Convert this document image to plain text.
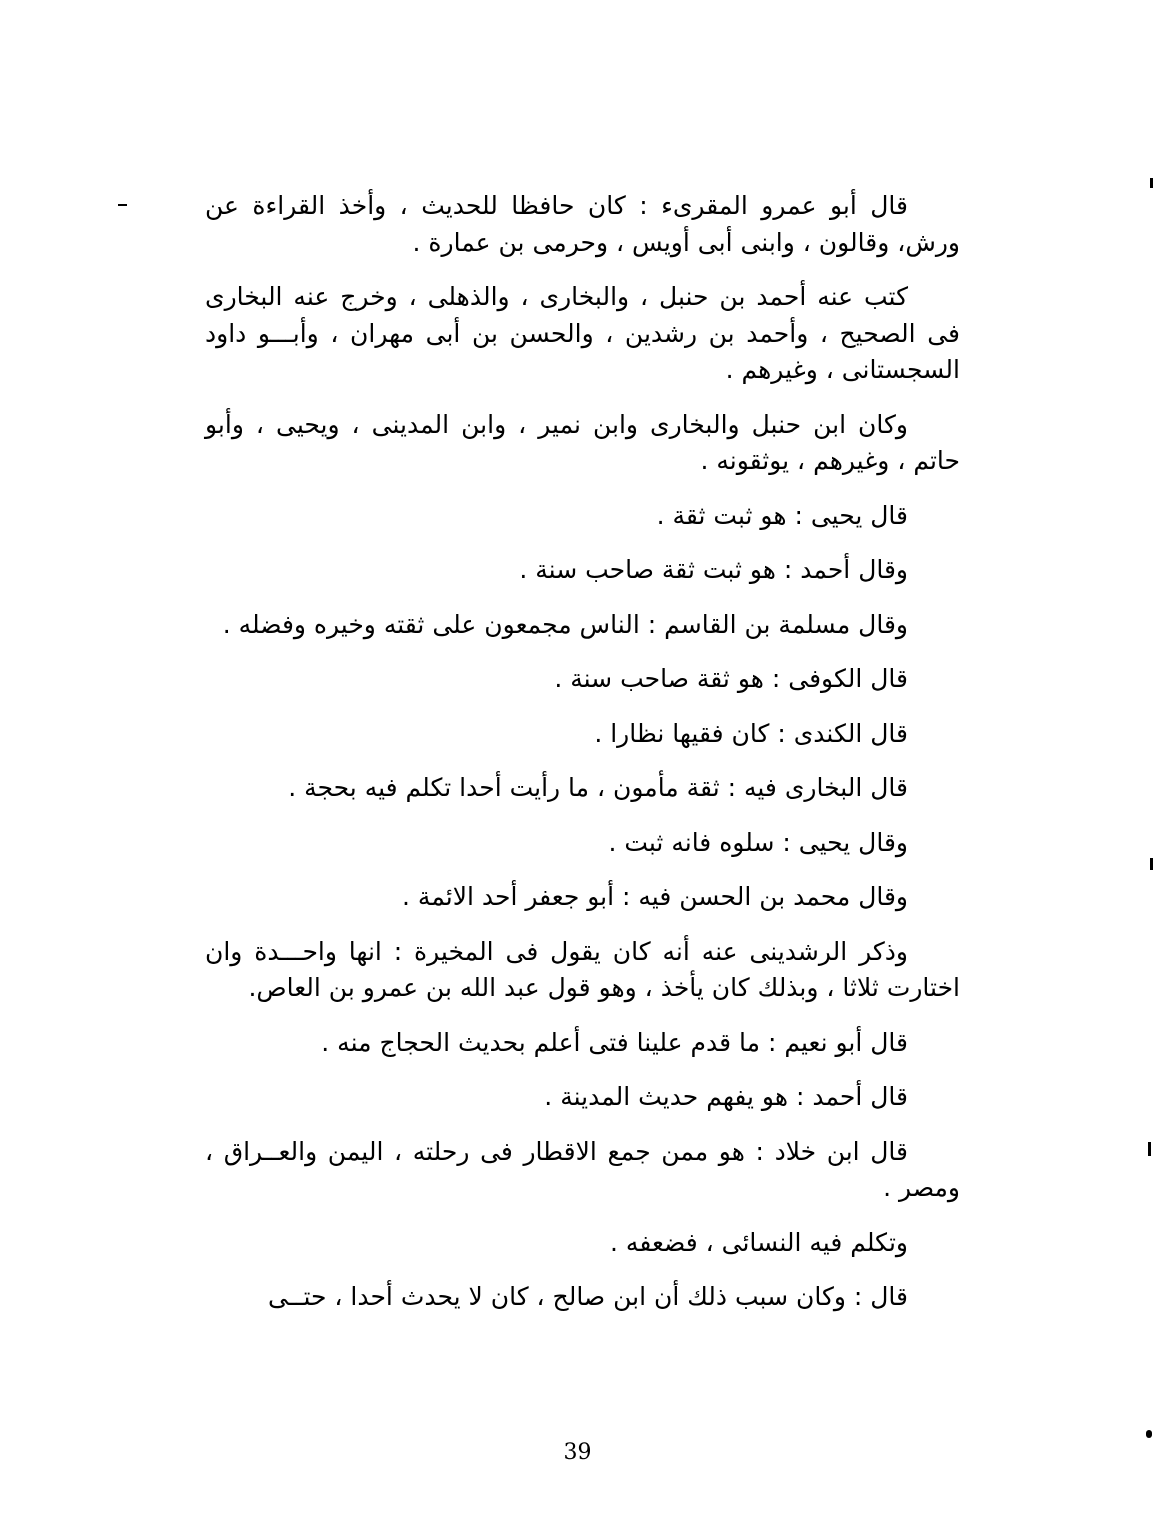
قال أبو عمرو المقرىء : كان حافظا للحديث ، وأخذ القراءة عن ورش، وقالون ، وابنى أبى أويس ، وحرمى بن عمارة .

كتب عنه أحمد بن حنبل ، والبخارى ، والذهلى ، وخرج عنه البخارى فى الصحيح ، وأحمد بن رشدين ، والحسن بن أبى مهران ، وأبـــو داود السجستانى ، وغيرهم .

وكان ابن حنبل والبخارى وابن نمير ، وابن المدينى ، ويحيى ، وأبو حاتم ، وغيرهم ، يوثقونه .

قال يحيى : هو ثبت ثقة .

وقال أحمد : هو ثبت ثقة صاحب سنة .

وقال مسلمة بن القاسم : الناس مجمعون على ثقته وخيره وفضله .

قال الكوفى : هو ثقة صاحب سنة .

قال الكندى : كان فقيها نظارا .

قال البخارى فيه : ثقة مأمون ، ما رأيت أحدا تكلم فيه بحجة .

وقال يحيى : سلوه فانه ثبت .

وقال محمد بن الحسن فيه : أبو جعفر أحد الائمة .

وذكر الرشدينى عنه أنه كان يقول فى المخيرة : انها واحـــدة وان اختارت ثلاثا ، وبذلك كان يأخذ ، وهو قول عبد الله بن عمرو بن العاص.

قال أبو نعيم : ما قدم علينا فتى أعلم بحديث الحجاج منه .

قال أحمد : هو يفهم حديث المدينة .

قال ابن خلاد : هو ممن جمع الاقطار فى رحلته ، اليمن والعــراق ، ومصر .

وتكلم فيه النسائى ، فضعفه .

قال : وكان سبب ذلك أن ابن صالح ، كان لا يحدث أحدا ، حتــى

39
